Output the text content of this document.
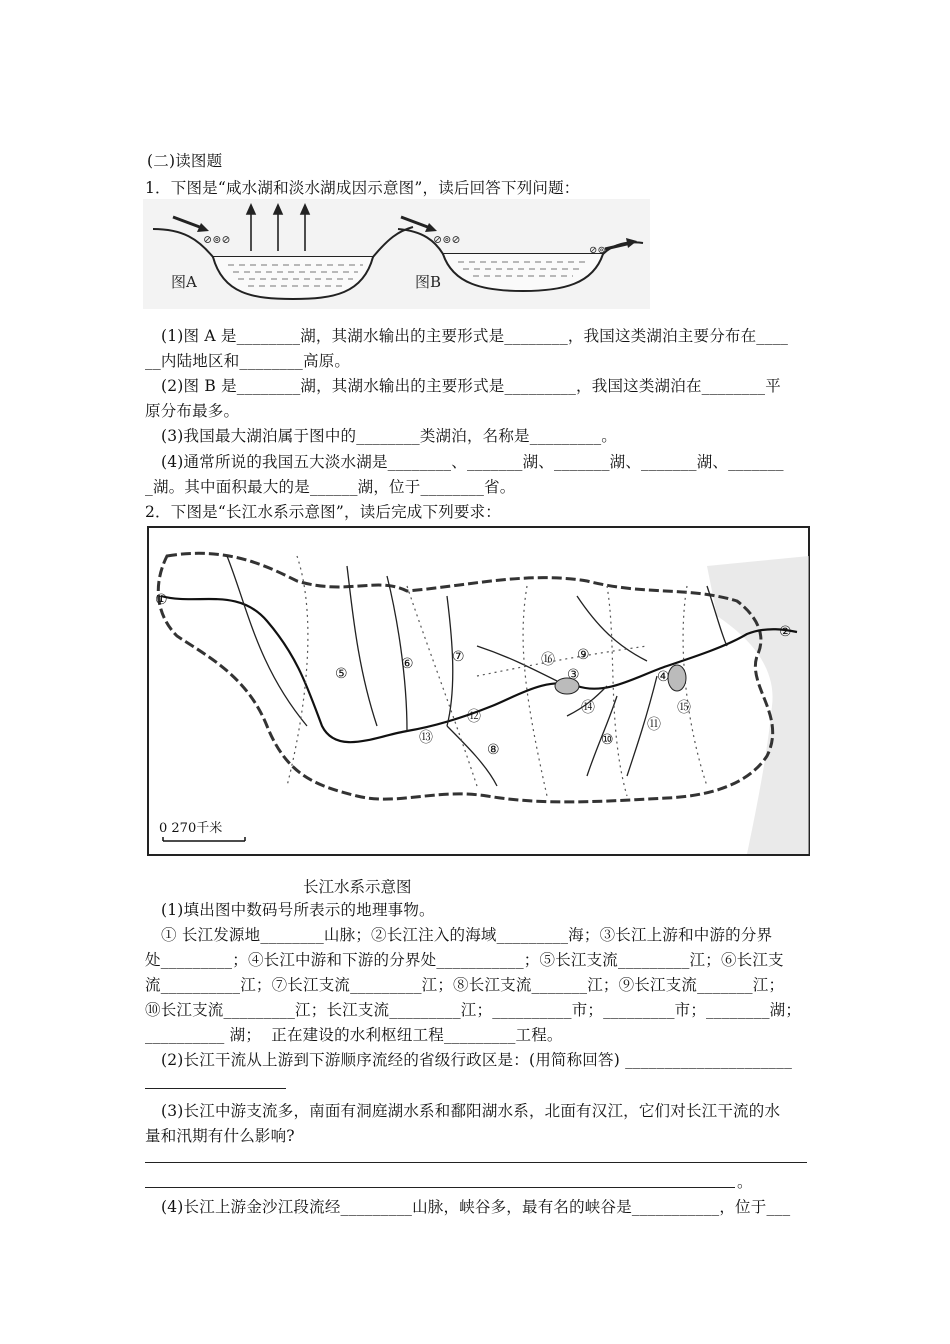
(二)读图题
1．下图是“咸水湖和淡水湖成因示意图”，读后回答下列问题：
⊘⊚⊘
图A
⊘⊚⊘
⊘⊚
图B
(1)图 A 是________湖，其湖水输出的主要形式是________，我国这类湖泊主要分布在____
__内陆地区和________高原。
(2)图 B 是________湖，其湖水输出的主要形式是_________，我国这类湖泊在________平
原分布最多。
(3)我国最大湖泊属于图中的________类湖泊，名称是_________。
(4)通常所说的我国五大淡水湖是________、_______湖、_______湖、_______湖、_______
_湖。其中面积最大的是______湖，位于________省。
2．下图是“长江水系示意图”，读后完成下列要求：
①
②
③	④
⑤
⑥	⑦
⑧
⑨
⑩
⑪
⑫
⑬
⑭	⑮
⑯
0 270千米
长江水系示意图
(1)填出图中数码号所表示的地理事物。
① 长江发源地________山脉；②长江注入的海域_________海；③长江上游和中游的分界
处_________；④长江中游和下游的分界处___________；⑤长江支流_________江；⑥长江支
流__________江；⑦长江支流_________江；⑧长江支流_______江；⑨长江支流_______江；
⑩长江支流_________江；长江支流_________江；__________市；_________市；________湖；
__________ 湖；  正在建设的水利枢纽工程_________工程。
(2)长江干流从上游到下游顺序流经的省级行政区是：(用简称回答) _____________________
(3)长江中游支流多，南面有洞庭湖水系和鄱阳湖水系，北面有汉江，它们对长江干流的水
量和汛期有什么影响?
。
(4)长江上游金沙江段流经_________山脉，峡谷多，最有名的峡谷是___________，位于___
